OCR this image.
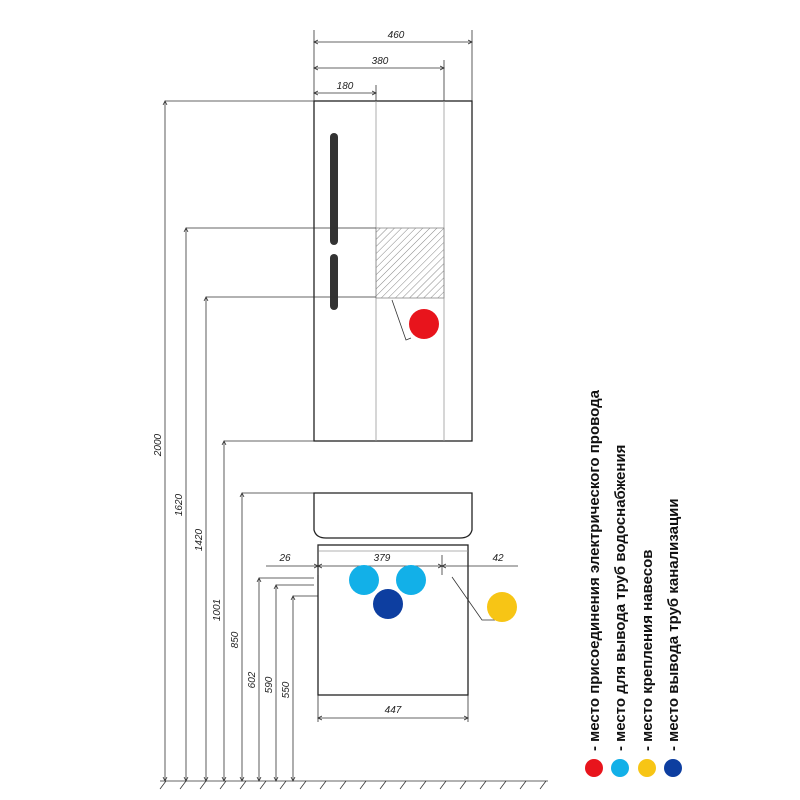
460
380
180
2000
1620
1420
1001
850
602 590 550
26	379	42
447	- место присоединения электрического провода - место для вывода труб водоснабжения - место крепления навесов - место вывода труб канализации
